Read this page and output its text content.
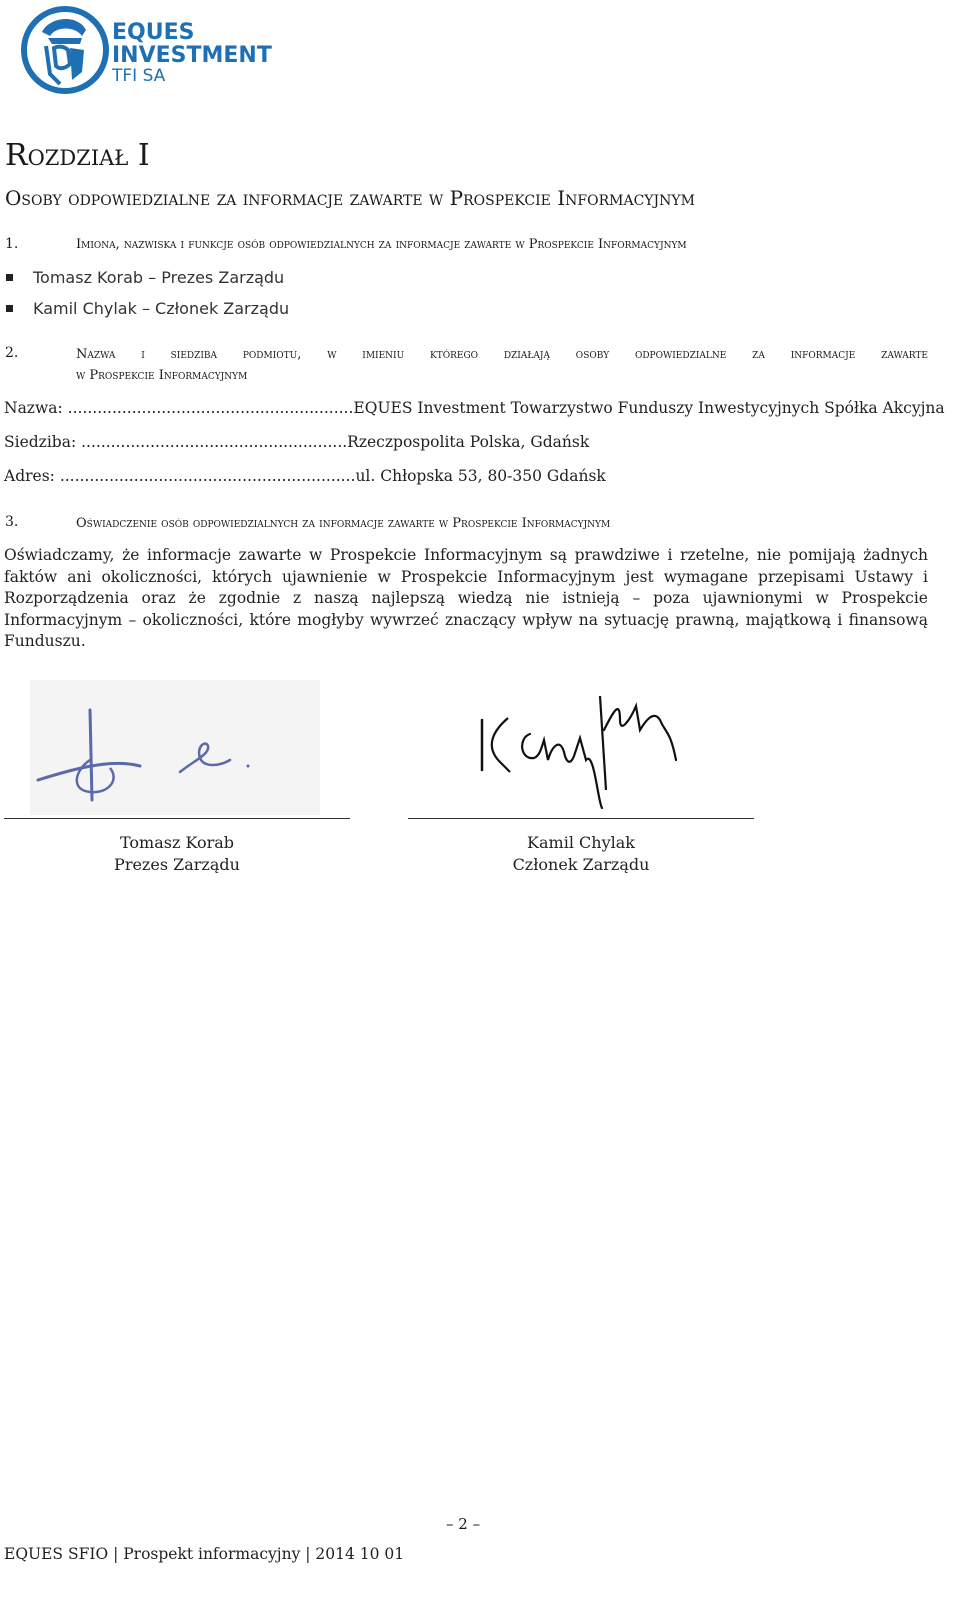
EQUES
INVESTMENT
TFI SA
Rozdział I
Osoby odpowiedzialne za informacje zawarte w Prospekcie Informacyjnym
1.	Imiona, nazwiska i funkcje osób odpowiedzialnych za informacje zawarte w Prospekcie Informacyjnym
Tomasz Korab – Prezes Zarządu
Kamil Chylak – Członek Zarządu
2.	Nazwa i siedziba podmiotu, w imieniu którego działają osoby odpowiedzialne za informacje zawarte
w Prospekcie Informacyjnym
Nazwa: ..........................................................EQUES Investment Towarzystwo Funduszy Inwestycyjnych Spółka Akcyjna
Siedziba: ......................................................Rzeczpospolita Polska, Gdańsk
Adres: ............................................................ul. Chłopska 53, 80-350 Gdańsk
3.	Oświadczenie osób odpowiedzialnych za informacje zawarte w Prospekcie Informacyjnym
Oświadczamy, że informacje zawarte w Prospekcie Informacyjnym są prawdziwe i rzetelne, nie pomijają żadnych faktów ani okoliczności, których ujawnienie w Prospekcie Informacyjnym jest wymagane przepisami Ustawy i Rozporządzenia oraz że zgodnie z naszą najlepszą wiedzą nie istnieją – poza ujawnionymi w Prospekcie Informacyjnym – okoliczności, które mogłyby wywrzeć znaczący wpływ na sytuację prawną, majątkową i finansową Funduszu.
Tomasz Korab
Prezes Zarządu
Kamil Chylak
Członek Zarządu
– 2 –
EQUES SFIO | Prospekt informacyjny | 2014 10 01
